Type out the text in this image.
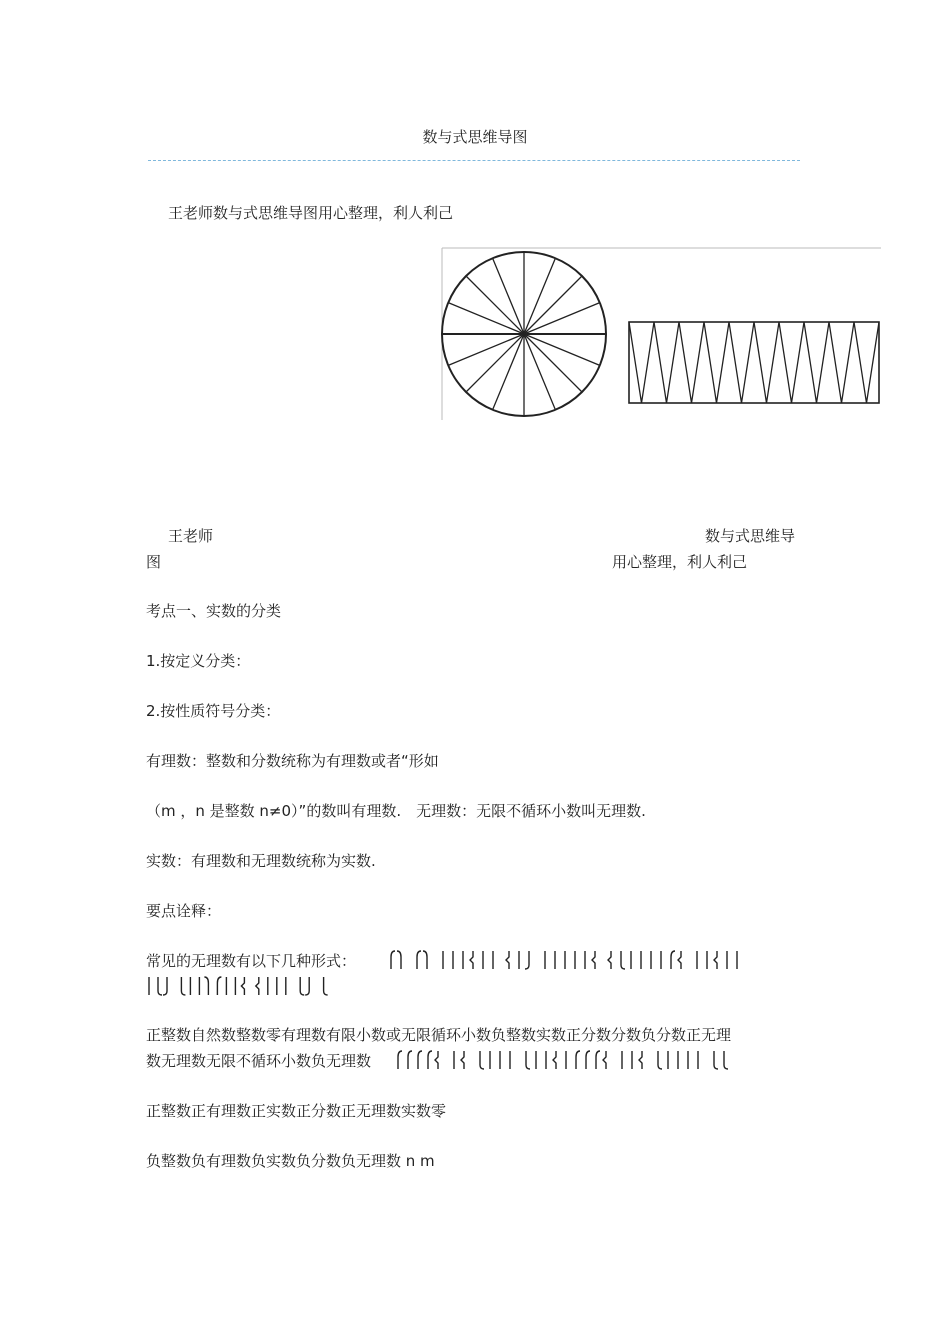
数与式思维导图
王老师数与式思维导图用心整理，利人利己
王老师	数与式思维导
图	用心整理，利人利己
考点一、实数的分类
1.按定义分类：
2.按性质符号分类：
有理数：整数和分数统称为有理数或者“形如
（m ，n 是整数 n≠0）”的数叫有理数.　无理数：无限不循环小数叫无理数.
实数：有理数和无理数统称为实数.
要点诠释：
常见的无理数有以下几种形式：
正整数自然数整数零有理数有限小数或无限循环小数负整数实数正分数分数负分数正无理
数无理数无限不循环小数负无理数
正整数正有理数正实数正分数正无理数实数零
负整数负有理数负实数负分数负无理数 n m
